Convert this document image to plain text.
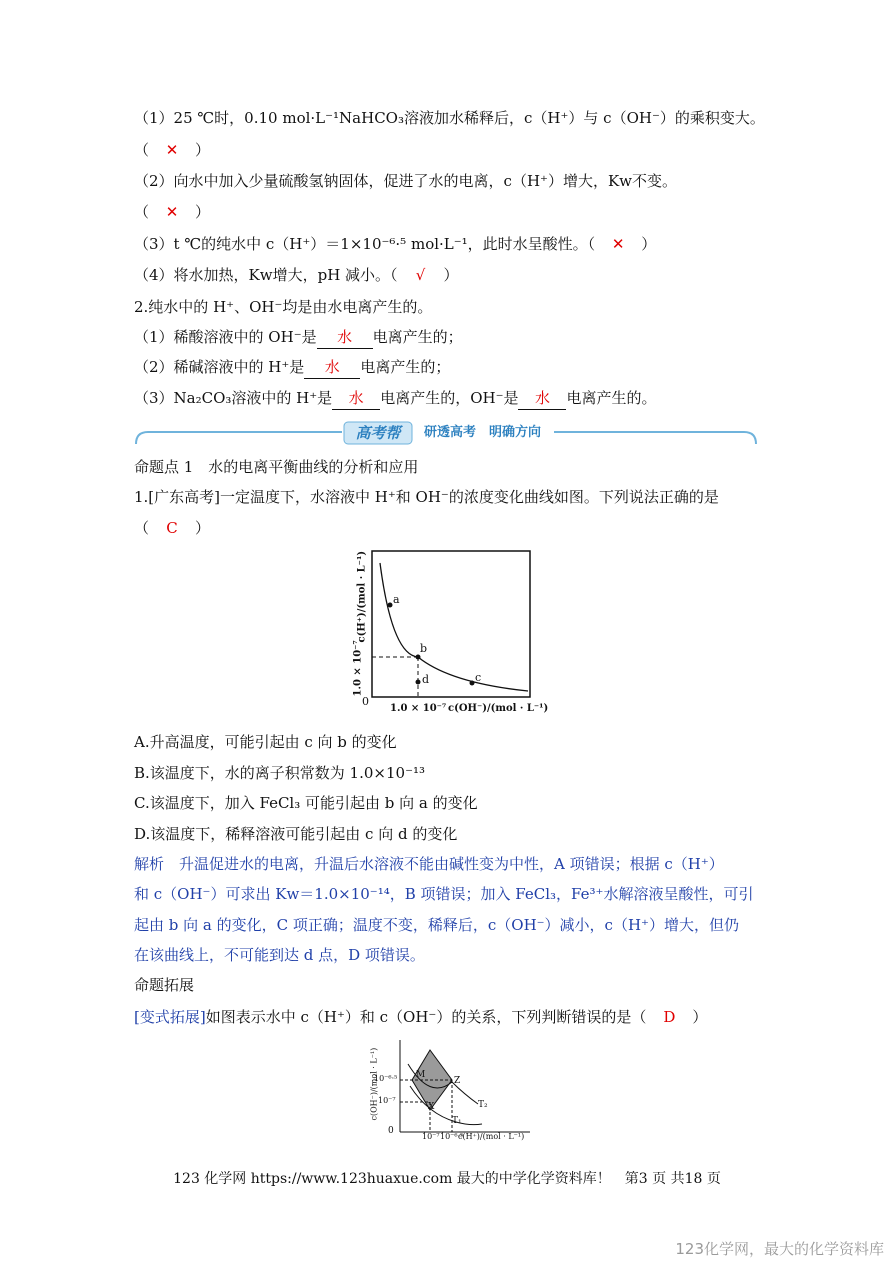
（1）25 ℃时，0.10 mol·L⁻¹NaHCO₃溶液加水稀释后，c（H⁺）与 c（OH⁻）的乘积变大。
（ ✕ ）
（2）向水中加入少量硫酸氢钠固体，促进了水的电离，c（H⁺）增大，Kw不变。
（ ✕ ）
（3）t ℃的纯水中 c（H⁺）＝1×10⁻⁶·⁵ mol·L⁻¹，此时水呈酸性。（ ✕ ）
（4）将水加热，Kw增大，pH 减小。（ √ ）
2.纯水中的 H⁺、OH⁻均是由水电离产生的。
（1）稀酸溶液中的 OH⁻是 水 电离产生的；
（2）稀碱溶液中的 H⁺是 水 电离产生的；
（3）Na₂CO₃溶液中的 H⁺是 水 电离产生的，OH⁻是 水 电离产生的。
高考帮	研透高考　明确方向
命题点 1　水的电离平衡曲线的分析和应用
1.[广东高考]一定温度下，水溶液中 H⁺和 OH⁻的浓度变化曲线如图。下列说法正确的是
（ C ）
a
b
c
d
0
1.0 × 10⁻⁷ c(OH⁻)/(mol · L⁻¹)
c(H⁺)/(mol · L⁻¹)
1.0 × 10⁻⁷
A.升高温度，可能引起由 c 向 b 的变化
B.该温度下，水的离子积常数为 1.0×10⁻¹³
C.该温度下，加入 FeCl₃ 可能引起由 b 向 a 的变化
D.该温度下，稀释溶液可能引起由 c 向 d 的变化
解析　 升温促进水的电离，升温后水溶液不能由碱性变为中性，A 项错误；根据 c（H⁺）
和 c（OH⁻）可求出 Kw＝1.0×10⁻¹⁴，B 项错误；加入 FeCl₃，Fe³⁺水解溶液呈酸性，可引
起由 b 向 a 的变化，C 项正确；温度不变，稀释后，c（OH⁻）减小，c（H⁺）增大，但仍
在该曲线上，不可能到达 d 点，D 项错误。
命题拓展
[变式拓展]如图表示水中 c（H⁺）和 c（OH⁻）的关系，下列判断错误的是（ D ）
M
Z
X	T₂
T₁
0
10⁻⁶·⁵
10⁻⁷
10⁻⁷ 10⁻⁶·⁵
c(H⁺)/(mol · L⁻¹)
c(OH⁻)/(mol · L⁻¹)
123 化学网 https://www.123huaxue.com 最大的中学化学资料库！　第3 页 共18 页
123化学网，最大的化学资料库
